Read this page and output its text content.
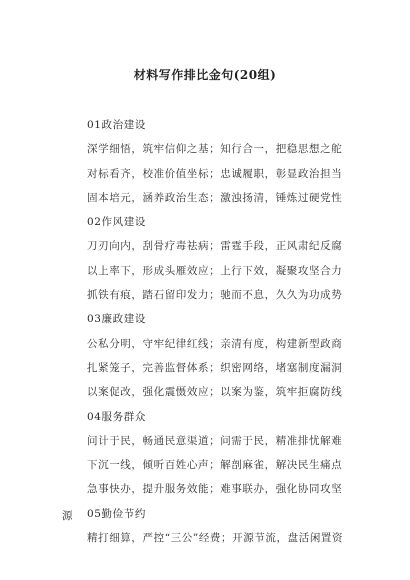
材料写作排比金句(20组)
01政治建设
深学细悟，筑牢信仰之基；知行合一，把稳思想之舵
对标看齐，校准价值坐标；忠诚履职，彰显政治担当
固本培元，涵养政治生态；激浊扬清，锤炼过硬党性
02作风建设
刀刃向内，刮骨疗毒祛病；雷霆手段，正风肃纪反腐
以上率下，形成头雁效应；上行下效，凝聚攻坚合力
抓铁有痕，踏石留印发力；驰而不息，久久为功成势
03廉政建设
公私分明，守牢纪律红线；亲清有度，构建新型政商
扎紧笼子，完善监督体系；织密网络，堵塞制度漏洞
以案促改，强化震慑效应；以案为鉴，筑牢拒腐防线
04服务群众
问计于民，畅通民意渠道；问需于民，精准排忧解难
下沉一线，倾听百姓心声；解剖麻雀，解决民生痛点
急事快办，提升服务效能；难事联办，强化协同攻坚
05勤俭节约
精打细算，严控“三公”经费；开源节流，盘活闲置资
源
